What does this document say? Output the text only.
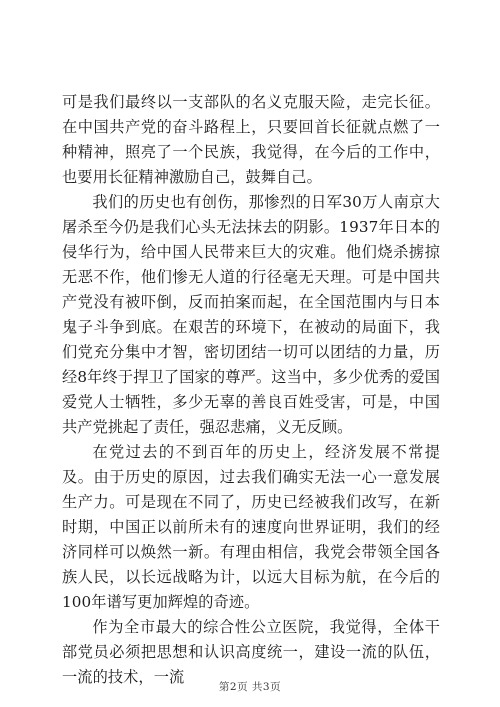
可是我们最终以一支部队的名义克服天险，走完长征。在中国共产党的奋斗路程上，只要回首长征就点燃了一种精神，照亮了一个民族，我觉得，在今后的工作中，也要用长征精神激励自己，鼓舞自己。

我们的历史也有创伤，那惨烈的日军30万人南京大屠杀至今仍是我们心头无法抹去的阴影。1937年日本的侵华行为，给中国人民带来巨大的灾难。他们烧杀掳掠无恶不作，他们惨无人道的行径毫无天理。可是中国共产党没有被吓倒，反而拍案而起，在全国范围内与日本鬼子斗争到底。在艰苦的环境下，在被动的局面下，我们党充分集中才智，密切团结一切可以团结的力量，历经8年终于捍卫了国家的尊严。这当中，多少优秀的爱国爱党人士牺牲，多少无辜的善良百姓受害，可是，中国共产党挑起了责任，强忍悲痛，义无反顾。

在党过去的不到百年的历史上，经济发展不常提及。由于历史的原因，过去我们确实无法一心一意发展生产力。可是现在不同了，历史已经被我们改写，在新时期，中国正以前所未有的速度向世界证明，我们的经济同样可以焕然一新。有理由相信，我党会带领全国各族人民，以长远战略为计，以远大目标为航，在今后的100年谱写更加辉煌的奇迹。

作为全市最大的综合性公立医院，我觉得，全体干部党员必须把思想和认识高度统一，建设一流的队伍，一流的技术，一流

第2页 共3页
